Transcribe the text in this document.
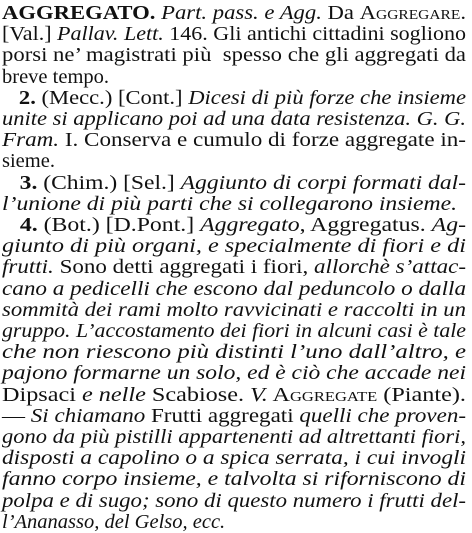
AGGREGATO. Part. pass. e Agg. Da Aggregare.
[Val.] Pallav. Lett. 146. Gli antichi cittadini sogliono
porsi ne’ magistrati più  spesso che gli aggregati da
breve tempo.
2. (Mecc.) [Cont.] Dicesi di più forze che insieme
unite si applicano poi ad una data resistenza. G. G.
Fram. I. Conserva e cumulo di forze aggregate in-
sieme.
3. (Chim.) [Sel.] Aggiunto di corpi formati dal-
l’unione di più parti che si collegarono insieme.
4. (Bot.) [D.Pont.] Aggregato, Aggregatus. Ag-
giunto di più organi, e specialmente di fiori e di
frutti. Sono detti aggregati i fiori, allorchè s’attac-
cano a pedicelli che escono dal peduncolo o dalla
sommità dei rami molto ravvicinati e raccolti in un
gruppo. L’accostamento dei fiori in alcuni casi è tale
che non riescono più distinti l’uno dall’altro, e
pajono formarne un solo, ed è ciò che accade nei
Dipsaci e nelle Scabiose. V. Aggregate (Piante).
— Si chiamano Frutti aggregati quelli che proven-
gono da più pistilli appartenenti ad altrettanti fiori,
disposti a capolino o a spica serrata, i cui invogli
fanno corpo insieme, e talvolta si riforniscono di
polpa e di sugo; sono di questo numero i frutti del-
l’Ananasso, del Gelso, ecc.
